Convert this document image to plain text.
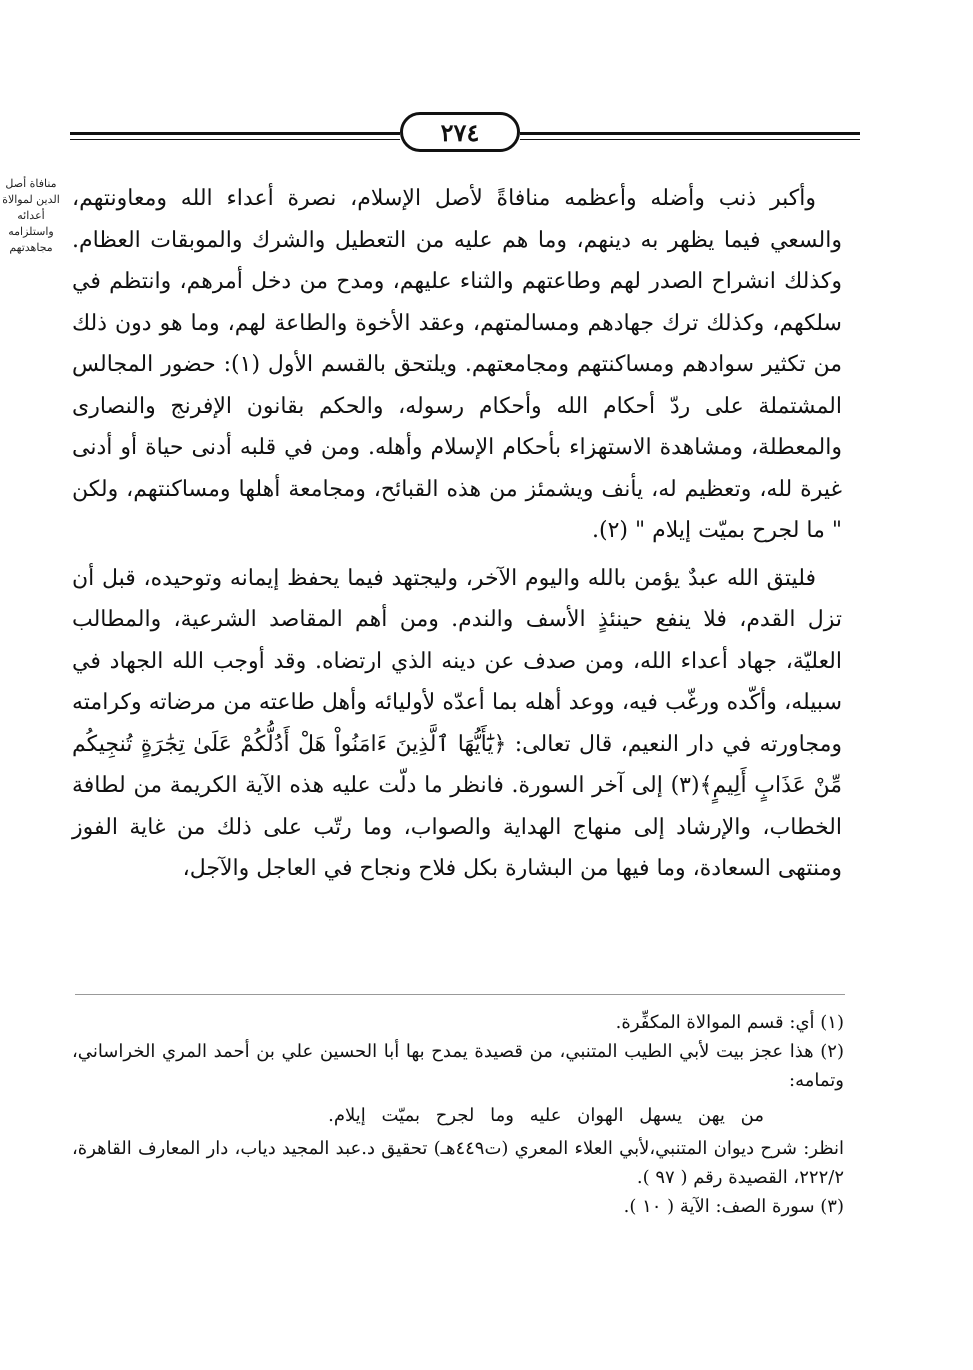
٢٧٤
منافاة أصل الدين لموالاة أعدائه واستلزامه مجاهدتهم

وأكبر ذنب وأضله وأعظمه منافاةً لأصل الإسلام، نصرة أعداء الله ومعاونتهم، والسعي فيما يظهر به دينهم، وما هم عليه من التعطيل والشرك والموبقات العظام. وكذلك انشراح الصدر لهم وطاعتهم والثناء عليهم، ومدح من دخل أمرهم، وانتظم في سلكهم، وكذلك ترك جهادهم ومسالمتهم، وعقد الأخوة والطاعة لهم، وما هو دون ذلك من تكثير سوادهم ومساكنتهم ومجامعتهم. ويلتحق بالقسم الأول (١): حضور المجالس المشتملة على ردّ أحكام الله وأحكام رسوله، والحكم بقانون الإفرنج والنصارى والمعطلة، ومشاهدة الاستهزاء بأحكام الإسلام وأهله. ومن في قلبه أدنى حياة أو أدنى غيرة لله، وتعظيم له، يأنف ويشمئز من هذه القبائح، ومجامعة أهلها ومساكنتهم، ولكن " ما لجرح بميّت إيلام " (٢).

فليتق الله عبدٌ يؤمن بالله واليوم الآخر، وليجتهد فيما يحفظ إيمانه وتوحيده، قبل أن تزل القدم، فلا ينفع حينئذٍ الأسف والندم. ومن أهم المقاصد الشرعية، والمطالب العليّة، جهاد أعداء الله، ومن صدف عن دينه الذي ارتضاه. وقد أوجب الله الجهاد في سبيله، وأكّده ورغّب فيه، ووعد أهله بما أعدّه لأوليائه وأهل طاعته من مرضاته وكرامته ومجاورته في دار النعيم، قال تعالى: ﴿يَٰٓأَيُّهَا ٱلَّذِينَ ءَامَنُواْ هَلْ أَدُلُّكُمْ عَلَىٰ تِجَٰرَةٍ تُنجِيكُم مِّنْ عَذَابٍ أَلِيمٍ﴾(٣) إلى آخر السورة. فانظر ما دلّت عليه هذه الآية الكريمة من لطافة الخطاب، والإرشاد إلى منهاج الهداية والصواب، وما رتّب على ذلك من غاية الفوز ومنتهى السعادة، وما فيها من البشارة بكل فلاح ونجاح في العاجل والآجل،

(١) أي: قسم الموالاة المكفِّرة.
(٢) هذا عجز بيت لأبي الطيب المتنبي، من قصيدة يمدح بها أبا الحسين علي بن أحمد المري الخراساني، وتمامه:
من يهن يسهل الهوان عليه وما لجرح بميّت إيلام.
انظر: شرح ديوان المتنبي،لأبي العلاء المعري (ت٤٤٩هـ) تحقيق د.عبد المجيد دياب، دار المعارف القاهرة، ٢٢٢/٢، القصيدة رقم ( ٩٧ ).
(٣) سورة الصف: الآية ( ١٠ ).
